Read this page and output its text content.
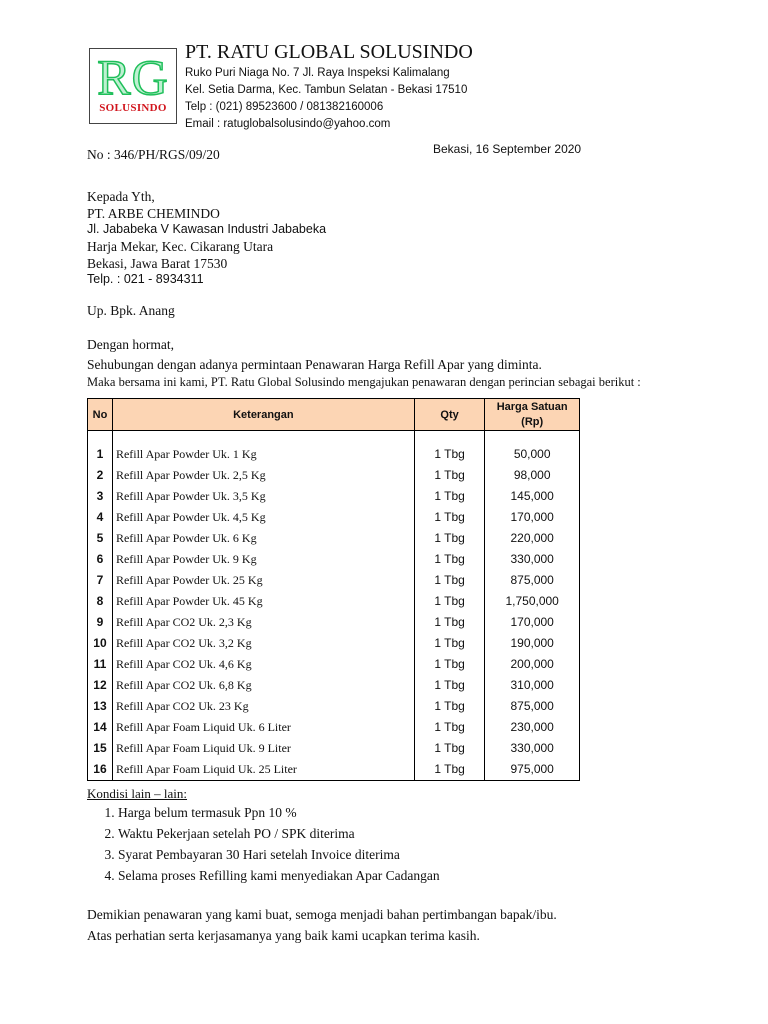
RG
SOLUSINDO
PT. RATU GLOBAL SOLUSINDO
Ruko Puri Niaga No. 7 Jl. Raya Inspeksi Kalimalang
Kel. Setia Darma, Kec. Tambun Selatan - Bekasi 17510
Telp : (021) 89523600 / 081382160006
Email : ratuglobalsolusindo@yahoo.com
No : 346/PH/RGS/09/20	Bekasi, 16 September 2020
Kepada Yth,
PT. ARBE CHEMINDO
Jl. Jababeka V Kawasan Industri Jababeka
Harja Mekar, Kec. Cikarang Utara
Bekasi, Jawa Barat 17530
Telp. : 021 - 8934311
Up. Bpk. Anang
Dengan hormat,
Sehubungan dengan adanya permintaan Penawaran Harga Refill Apar yang diminta.
Maka bersama ini kami, PT. Ratu Global Solusindo mengajukan penawaran dengan perincian sebagai berikut :
No	Keterangan	Qty	Harga Satuan
(Rp)

1	Refill Apar Powder Uk. 1 Kg	1 Tbg	50,000
2	Refill Apar Powder Uk. 2,5 Kg	1 Tbg	98,000
3	Refill Apar Powder Uk. 3,5 Kg	1 Tbg	145,000
4	Refill Apar Powder Uk. 4,5 Kg	1 Tbg	170,000
5	Refill Apar Powder Uk. 6 Kg	1 Tbg	220,000
6	Refill Apar Powder Uk. 9 Kg	1 Tbg	330,000
7	Refill Apar Powder Uk. 25 Kg	1 Tbg	875,000
8	Refill Apar Powder Uk. 45 Kg	1 Tbg	1,750,000
9	Refill Apar CO2 Uk. 2,3 Kg	1 Tbg	170,000
10	Refill Apar CO2 Uk. 3,2 Kg	1 Tbg	190,000
11	Refill Apar CO2 Uk. 4,6 Kg	1 Tbg	200,000
12	Refill Apar CO2 Uk. 6,8 Kg	1 Tbg	310,000
13	Refill Apar CO2 Uk. 23 Kg	1 Tbg	875,000
14	Refill Apar Foam Liquid Uk. 6 Liter	1 Tbg	230,000
15	Refill Apar Foam Liquid Uk. 9 Liter	1 Tbg	330,000
16	Refill Apar Foam Liquid Uk. 25 Liter	1 Tbg	975,000
Kondisi lain – lain:
1. Harga belum termasuk Ppn 10 %
2. Waktu Pekerjaan setelah PO / SPK diterima
3. Syarat Pembayaran 30 Hari setelah Invoice diterima
4. Selama proses Refilling kami menyediakan Apar Cadangan
Demikian penawaran yang kami buat, semoga menjadi bahan pertimbangan bapak/ibu.
Atas perhatian serta kerjasamanya yang baik kami ucapkan terima kasih.
